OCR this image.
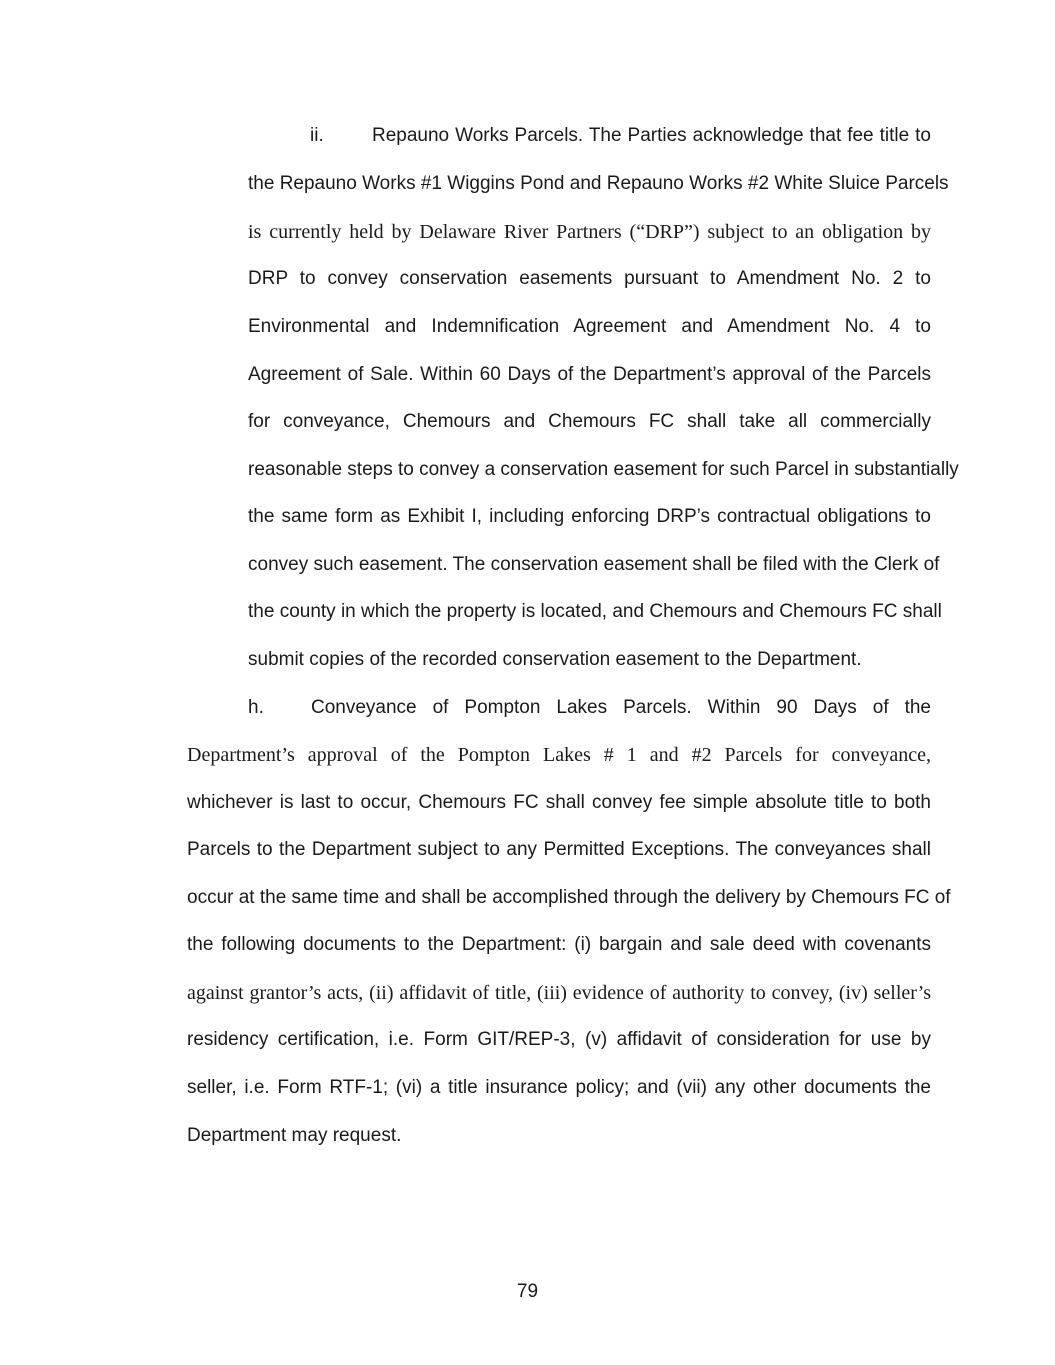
ii.	Repauno Works Parcels. The Parties acknowledge that fee title to
the Repauno Works #1 Wiggins Pond and Repauno Works #2 White Sluice Parcels
is currently held by Delaware River Partners (“DRP”) subject to an obligation by
DRP to convey conservation easements pursuant to Amendment No. 2 to
Environmental and Indemnification Agreement and Amendment No. 4 to
Agreement of Sale. Within 60 Days of the Department’s approval of the Parcels
for conveyance, Chemours and Chemours FC shall take all commercially
reasonable steps to convey a conservation easement for such Parcel in substantially
the same form as Exhibit I, including enforcing DRP’s contractual obligations to
convey such easement. The conservation easement shall be filed with the Clerk of
the county in which the property is located, and Chemours and Chemours FC shall
submit copies of the recorded conservation easement to the Department.
h. Conveyance of Pompton Lakes Parcels. Within 90 Days of the
Department’s approval of the Pompton Lakes # 1 and #2 Parcels for conveyance,
whichever is last to occur, Chemours FC shall convey fee simple absolute title to both
Parcels to the Department subject to any Permitted Exceptions. The conveyances shall
occur at the same time and shall be accomplished through the delivery by Chemours FC of
the following documents to the Department: (i) bargain and sale deed with covenants
against grantor’s acts, (ii) affidavit of title, (iii) evidence of authority to convey, (iv) seller’s
residency certification, i.e. Form GIT/REP-3, (v) affidavit of consideration for use by
seller, i.e. Form RTF-1; (vi) a title insurance policy; and (vii) any other documents the
Department may request.
79
